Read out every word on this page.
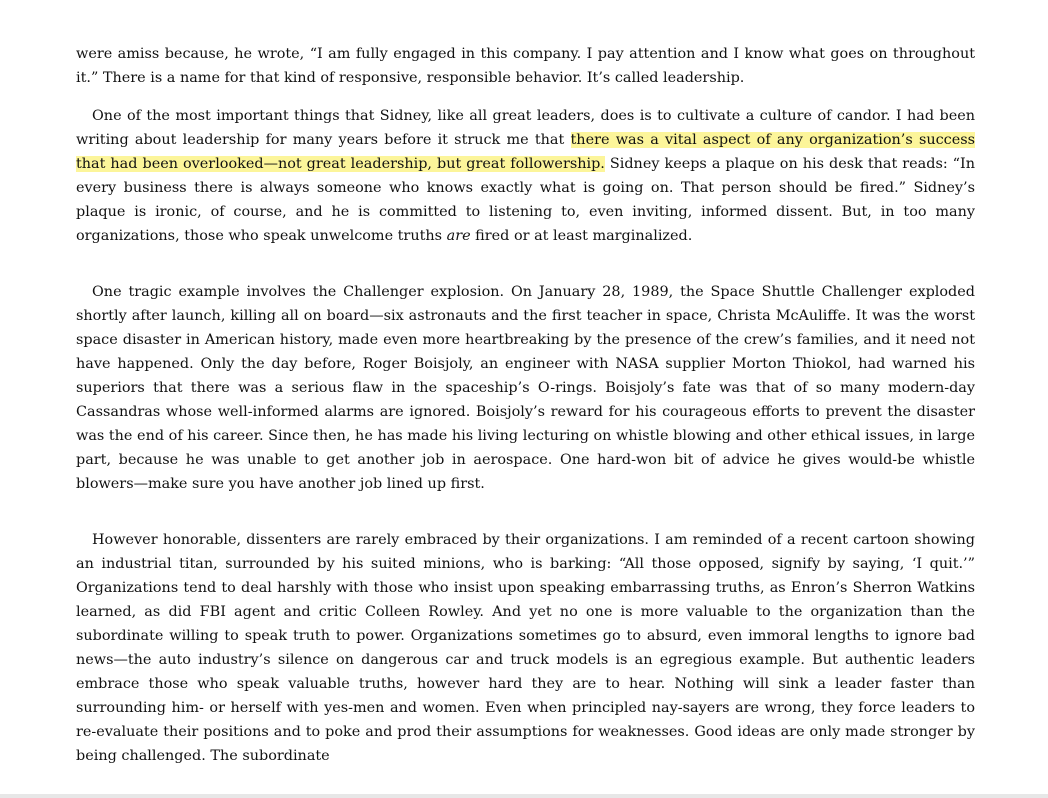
were amiss because, he wrote, “I am fully engaged in this company. I pay attention and I know what goes on throughout it.” There is a name for that kind of responsive, responsible behavior. It’s called leadership.

One of the most important things that Sidney, like all great leaders, does is to cultivate a culture of candor. I had been writing about leadership for many years before it struck me that there was a vital aspect of any organization’s success that had been overlooked—not great leadership, but great followership. Sidney keeps a plaque on his desk that reads: “In every business there is always someone who knows exactly what is going on. That person should be fired.” Sidney’s plaque is ironic, of course, and he is committed to listening to, even inviting, informed dissent. But, in too many organizations, those who speak unwelcome truths are fired or at least marginalized.

One tragic example involves the Challenger explosion. On January 28, 1989, the Space Shuttle Challenger exploded shortly after launch, killing all on board—six astronauts and the first teacher in space, Christa McAuliffe. It was the worst space disaster in American history, made even more heartbreaking by the presence of the crew’s families, and it need not have happened. Only the day before, Roger Boisjoly, an engineer with NASA supplier Morton Thiokol, had warned his superiors that there was a serious flaw in the spaceship’s O-rings. Boisjoly’s fate was that of so many modern-day Cassandras whose well-informed alarms are ignored. Boisjoly’s reward for his courageous efforts to prevent the disaster was the end of his career. Since then, he has made his living lecturing on whistle blowing and other ethical issues, in large part, because he was unable to get another job in aerospace. One hard-won bit of advice he gives would-be whistle blowers—make sure you have another job lined up first.

However honorable, dissenters are rarely embraced by their organizations. I am reminded of a recent cartoon showing an industrial titan, surrounded by his suited minions, who is barking: “All those opposed, signify by saying, ‘I quit.’” Organizations tend to deal harshly with those who insist upon speaking embarrassing truths, as Enron’s Sherron Watkins learned, as did FBI agent and critic Colleen Rowley. And yet no one is more valuable to the organization than the subordinate willing to speak truth to power. Organizations sometimes go to absurd, even immoral lengths to ignore bad news—the auto industry’s silence on dangerous car and truck models is an egregious example. But authentic leaders embrace those who speak valuable truths, however hard they are to hear. Nothing will sink a leader faster than surrounding him- or herself with yes-men and women. Even when principled nay-sayers are wrong, they force leaders to re-evaluate their positions and to poke and prod their assumptions for weaknesses. Good ideas are only made stronger by being challenged. The subordinate
